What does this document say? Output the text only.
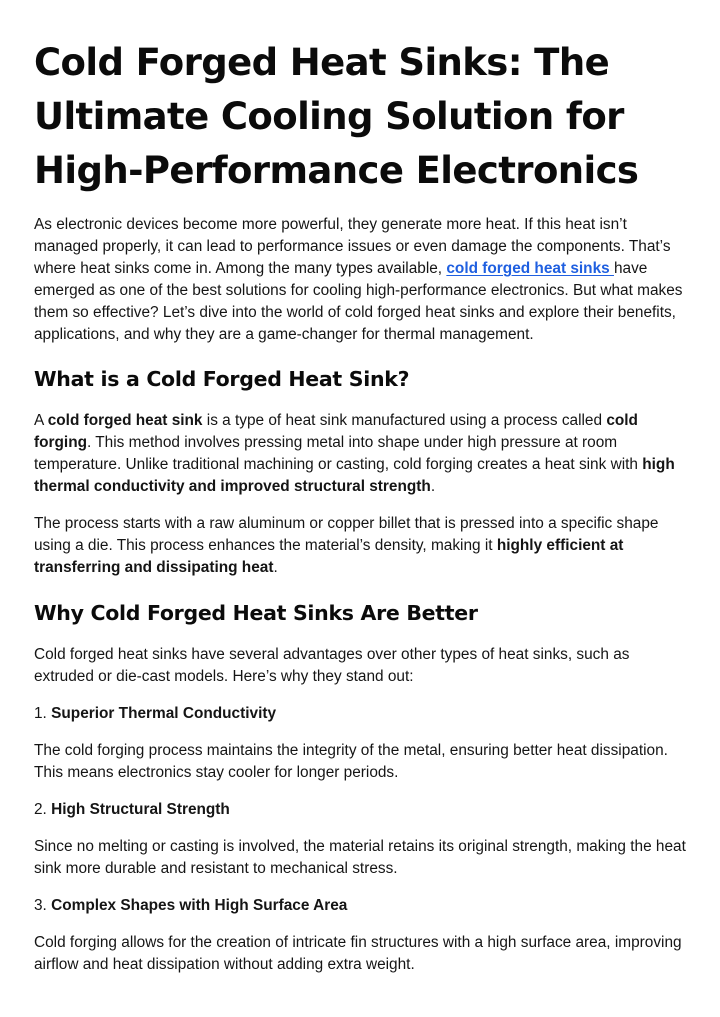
Cold Forged Heat Sinks: The Ultimate Cooling Solution for High-Performance Electronics

As electronic devices become more powerful, they generate more heat. If this heat isn’t managed properly, it can lead to performance issues or even damage the components. That’s where heat sinks come in. Among the many types available, cold forged heat sinks have emerged as one of the best solutions for cooling high-performance electronics. But what makes them so effective? Let’s dive into the world of cold forged heat sinks and explore their benefits, applications, and why they are a game-changer for thermal management.

What is a Cold Forged Heat Sink?

A cold forged heat sink is a type of heat sink manufactured using a process called cold forging. This method involves pressing metal into shape under high pressure at room temperature. Unlike traditional machining or casting, cold forging creates a heat sink with high thermal conductivity and improved structural strength.

The process starts with a raw aluminum or copper billet that is pressed into a specific shape using a die. This process enhances the material’s density, making it highly efficient at transferring and dissipating heat.

Why Cold Forged Heat Sinks Are Better

Cold forged heat sinks have several advantages over other types of heat sinks, such as extruded or die-cast models. Here’s why they stand out:

1. Superior Thermal Conductivity

The cold forging process maintains the integrity of the metal, ensuring better heat dissipation. This means electronics stay cooler for longer periods.

2. High Structural Strength

Since no melting or casting is involved, the material retains its original strength, making the heat sink more durable and resistant to mechanical stress.

3. Complex Shapes with High Surface Area

Cold forging allows for the creation of intricate fin structures with a high surface area, improving airflow and heat dissipation without adding extra weight.
